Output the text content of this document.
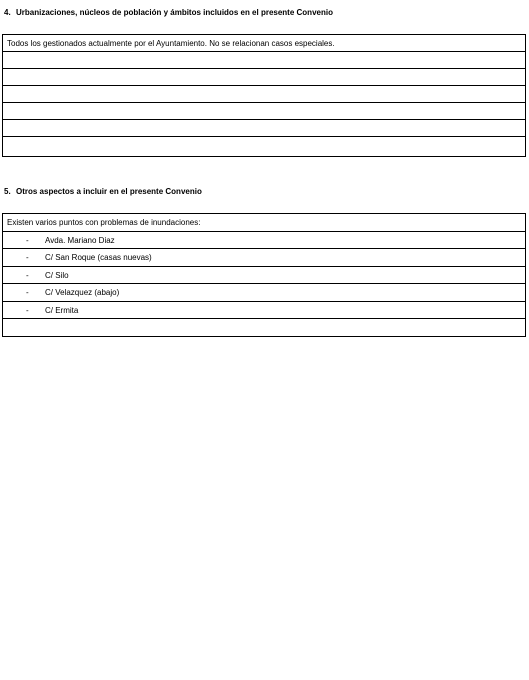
4. Urbanizaciones, núcleos de población y ámbitos incluidos en el presente Convenio
Todos los gestionados actualmente por el Ayuntamiento. No se relacionan casos especiales.
5. Otros aspectos a incluir en el presente Convenio
Existen varios puntos con problemas de inundaciones:
- Avda. Mariano Diaz
- C/ San Roque (casas nuevas)
- C/ Silo
- C/ Velazquez (abajo)
- C/ Ermita
